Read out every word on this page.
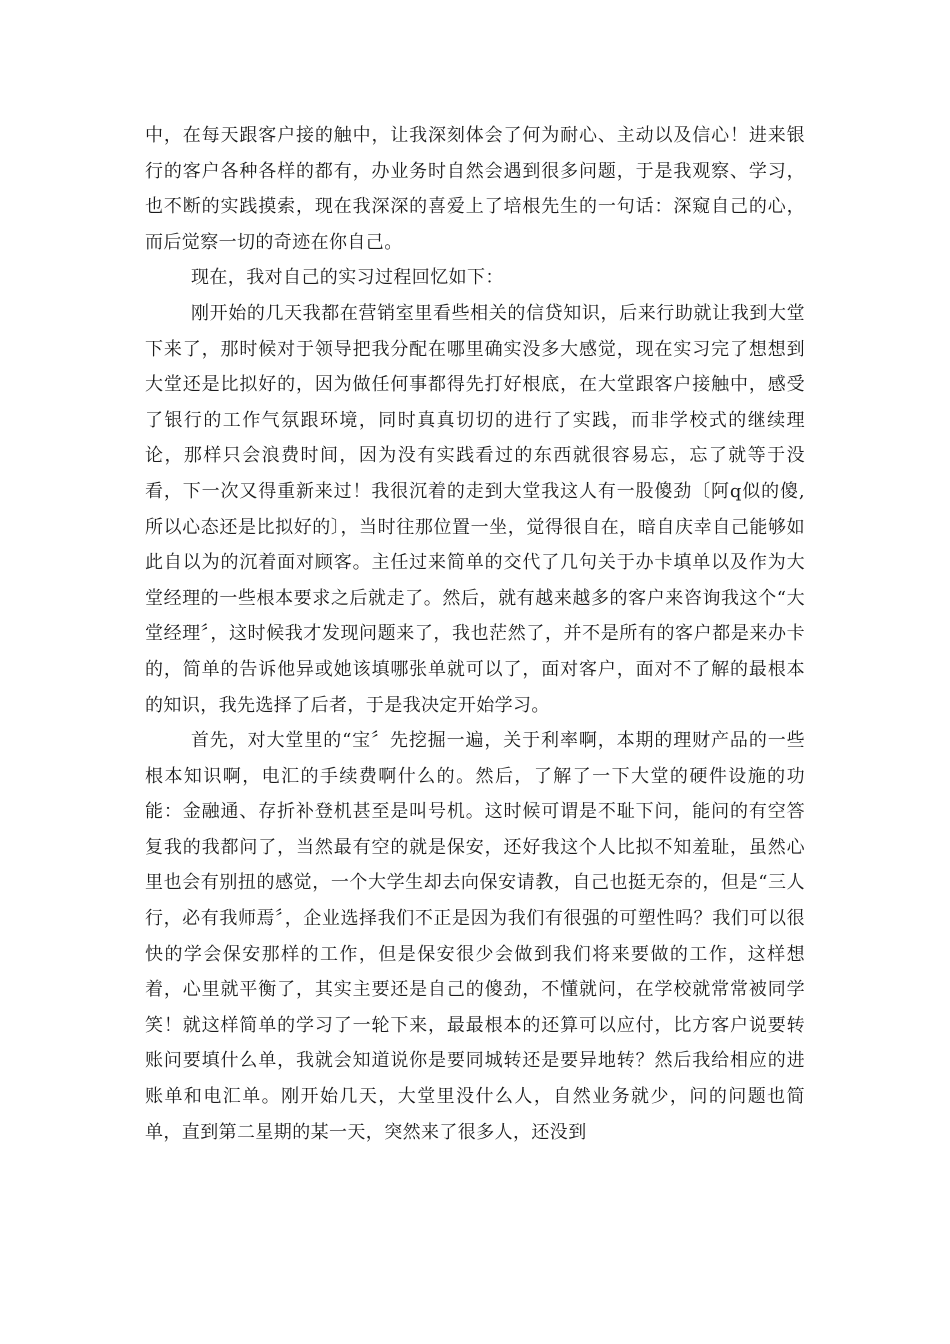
中，在每天跟客户接的触中，让我深刻体会了何为耐心、主动以及信心！进来银行的客户各种各样的都有，办业务时自然会遇到很多问题，于是我观察、学习，也不断的实践摸索，现在我深深的喜爱上了培根先生的一句话：深窥自己的心，而后觉察一切的奇迹在你自己。

现在，我对自己的实习过程回忆如下：

刚开始的几天我都在营销室里看些相关的信贷知识，后来行助就让我到大堂下来了，那时候对于领导把我分配在哪里确实没多大感觉，现在实习完了想想到大堂还是比拟好的，因为做任何事都得先打好根底，在大堂跟客户接触中，感受了银行的工作气氛跟环境，同时真真切切的进行了实践，而非学校式的继续理论，那样只会浪费时间，因为没有实践看过的东西就很容易忘，忘了就等于没看，下一次又得重新来过！我很沉着的走到大堂我这人有一股傻劲〔阿q似的傻,所以心态还是比拟好的〕，当时往那位置一坐，觉得很自在，暗自庆幸自己能够如此自以为的沉着面对顾客。主任过来简单的交代了几句关于办卡填单以及作为大堂经理的一些根本要求之后就走了。然后，就有越来越多的客户来咨询我这个“大堂经理〞，这时候我才发现问题来了，我也茫然了，并不是所有的客户都是来办卡的，简单的告诉他异或她该填哪张单就可以了，面对客户，面对不了解的最根本的知识，我先选择了后者，于是我决定开始学习。

首先，对大堂里的“宝〞先挖掘一遍，关于利率啊，本期的理财产品的一些根本知识啊，电汇的手续费啊什么的。然后，了解了一下大堂的硬件设施的功能：金融通、存折补登机甚至是叫号机。这时候可谓是不耻下问，能问的有空答复我的我都问了，当然最有空的就是保安，还好我这个人比拟不知羞耻，虽然心里也会有别扭的感觉，一个大学生却去向保安请教，自己也挺无奈的，但是“三人行，必有我师焉〞，企业选择我们不正是因为我们有很强的可塑性吗？我们可以很快的学会保安那样的工作，但是保安很少会做到我们将来要做的工作，这样想着，心里就平衡了，其实主要还是自己的傻劲，不懂就问，在学校就常常被同学笑！就这样简单的学习了一轮下来，最最根本的还算可以应付，比方客户说要转账问要填什么单，我就会知道说你是要同城转还是要异地转？然后我给相应的进账单和电汇单。刚开始几天，大堂里没什么人，自然业务就少，问的问题也简单，直到第二星期的某一天，突然来了很多人，还没到
